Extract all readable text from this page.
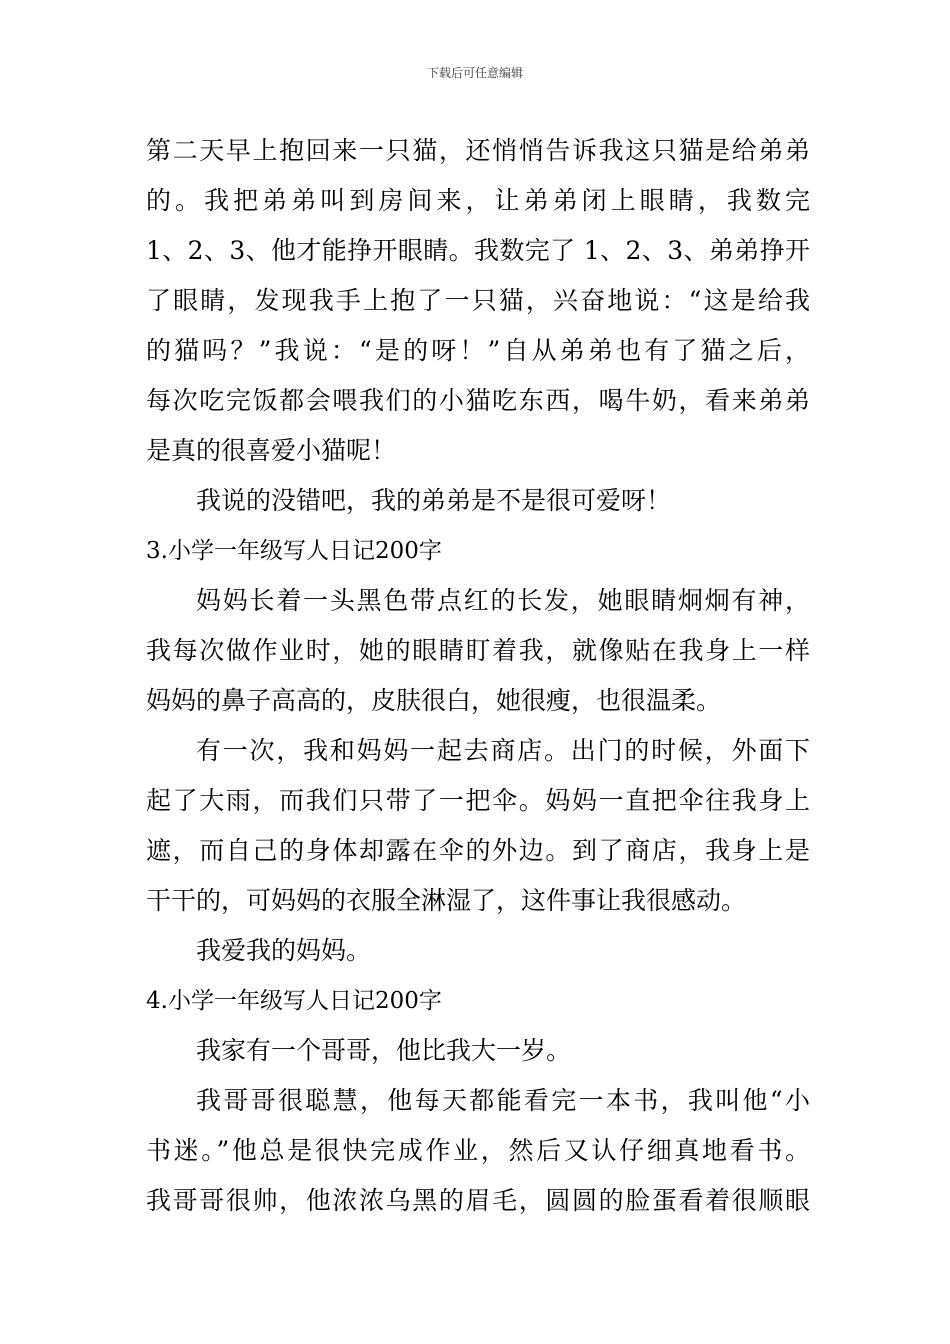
下载后可任意编辑
第二天早上抱回来一只猫，还悄悄告诉我这只猫是给弟弟
的。我把弟弟叫到房间来，让弟弟闭上眼睛，我数完
1、2、3、他才能挣开眼睛。我数完了 1、2、3、弟弟挣开
了眼睛，发现我手上抱了一只猫，兴奋地说：“这是给我
的猫吗？”我说：“是的呀！”自从弟弟也有了猫之后，
每次吃完饭都会喂我们的小猫吃东西，喝牛奶，看来弟弟
是真的很喜爱小猫呢！
我说的没错吧，我的弟弟是不是很可爱呀！
3.小学一年级写人日记200字
妈妈长着一头黑色带点红的长发，她眼睛炯炯有神，
我每次做作业时，她的眼睛盯着我，就像贴在我身上一样
妈妈的鼻子高高的，皮肤很白，她很瘦，也很温柔。
有一次，我和妈妈一起去商店。出门的时候，外面下
起了大雨，而我们只带了一把伞。妈妈一直把伞往我身上
遮，而自己的身体却露在伞的外边。到了商店，我身上是
干干的，可妈妈的衣服全淋湿了，这件事让我很感动。
我爱我的妈妈。
4.小学一年级写人日记200字
我家有一个哥哥，他比我大一岁。
我哥哥很聪慧，他每天都能看完一本书，我叫他“小
书迷。”他总是很快完成作业，然后又认仔细真地看书。
我哥哥很帅，他浓浓乌黑的眉毛，圆圆的脸蛋看着很顺眼
